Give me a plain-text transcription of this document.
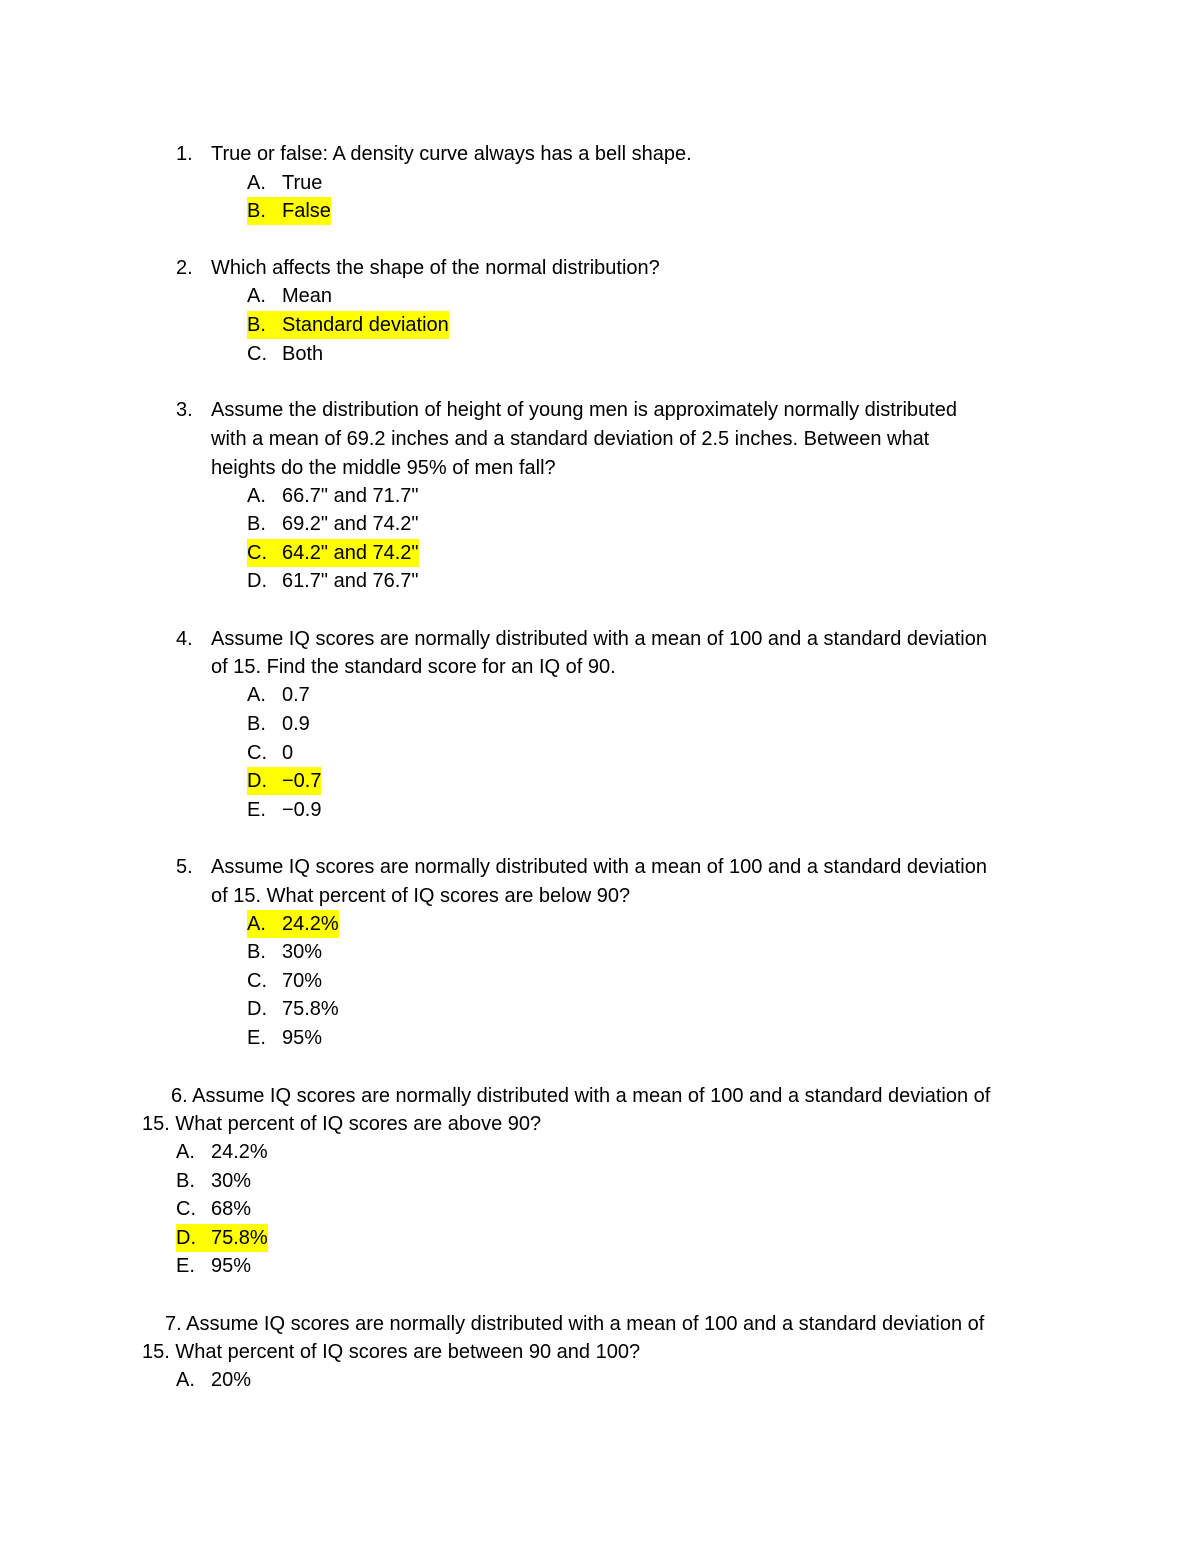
1. True or false: A density curve always has a bell shape.
A. True
B. False
2. Which affects the shape of the normal distribution?
A. Mean
B. Standard deviation
C. Both
3. Assume the distribution of height of young men is approximately normally distributed
with a mean of 69.2 inches and a standard deviation of 2.5 inches. Between what
heights do the middle 95% of men fall?
A. 66.7" and 71.7"
B. 69.2" and 74.2"
C. 64.2" and 74.2"
D. 61.7" and 76.7"
4. Assume IQ scores are normally distributed with a mean of 100 and a standard deviation
of 15. Find the standard score for an IQ of 90.
A. 0.7
B. 0.9
C. 0
D. −0.7
E. −0.9
5. Assume IQ scores are normally distributed with a mean of 100 and a standard deviation
of 15. What percent of IQ scores are below 90?
A. 24.2%
B. 30%
C. 70%
D. 75.8%
E. 95%
6. Assume IQ scores are normally distributed with a mean of 100 and a standard deviation of
15. What percent of IQ scores are above 90?
A. 24.2%
B. 30%
C. 68%
D. 75.8%
E. 95%
7. Assume IQ scores are normally distributed with a mean of 100 and a standard deviation of
15. What percent of IQ scores are between 90 and 100?
A. 20%
